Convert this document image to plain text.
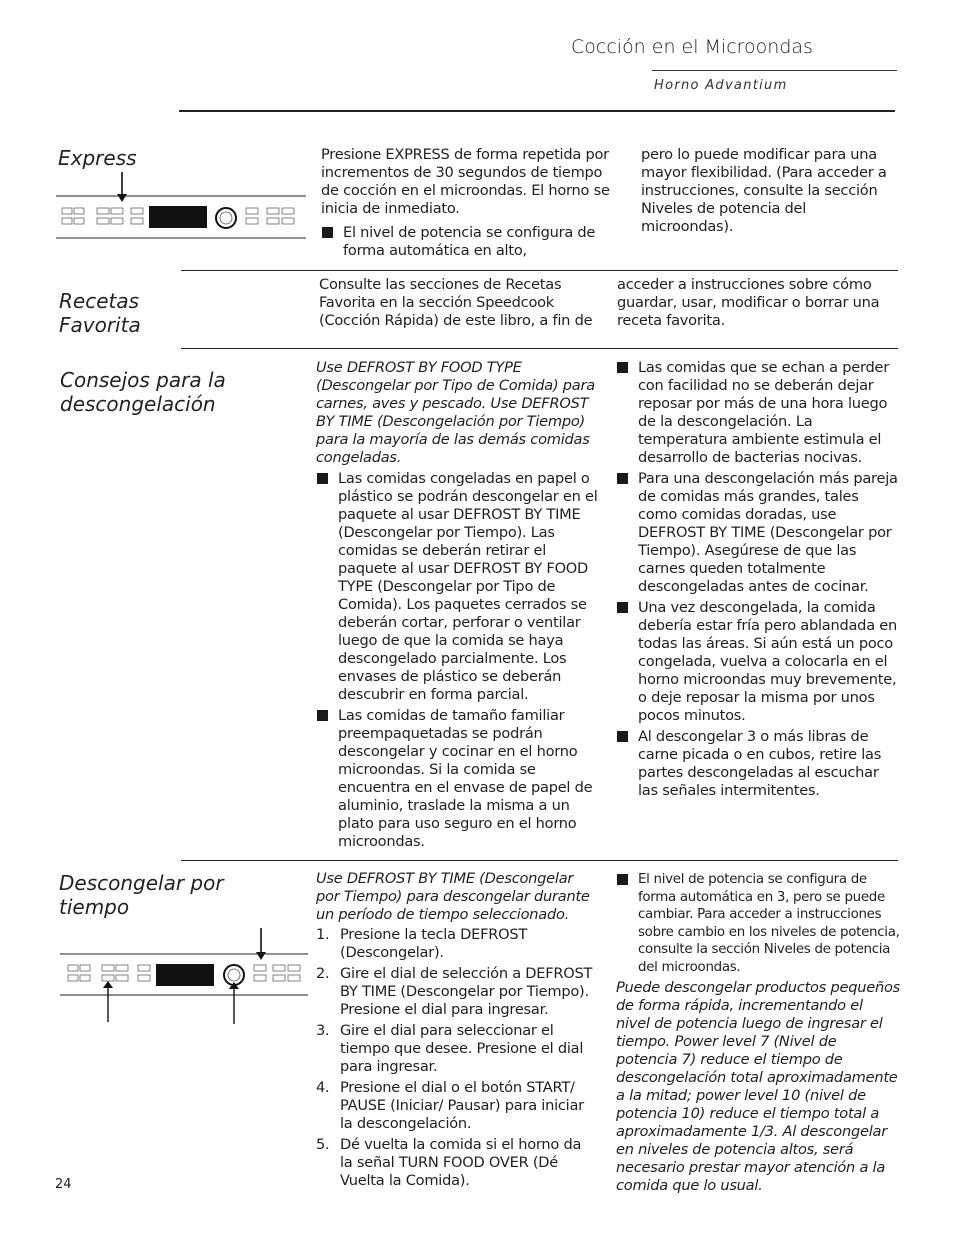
Cocción en el Microondas
Horno Advantium
Express	Presione EXPRESS de forma repetida por incrementos de 30 segundos de tiempo de cocción en el microondas. El horno se inicia de inmediato.

El nivel de potencia se configura de forma automática en alto,

pero lo puede modificar para una mayor flexibilidad. (Para acceder a instrucciones, consulte la sección Niveles de potencia del microondas).

Recetas
Favorita

Consulte las secciones de Recetas Favorita en la sección Speedcook (Cocción Rápida) de este libro, a fin de

acceder a instrucciones sobre cómo guardar, usar, modificar o borrar una receta favorita.

Consejos para la
descongelación

Use DEFROST BY FOOD TYPE (Descongelar por Tipo de Comida) para carnes, aves y pescado. Use DEFROST BY TIME (Descongelación por Tiempo) para la mayoría de las demás comidas congeladas.

Las comidas congeladas en papel o plástico se podrán descongelar en el paquete al usar DEFROST BY TIME (Descongelar por Tiempo). Las comidas se deberán retirar el paquete al usar DEFROST BY FOOD TYPE (Descongelar por Tipo de Comida). Los paquetes cerrados se deberán cortar, perforar o ventilar luego de que la comida se haya descongelado parcialmente. Los envases de plástico se deberán descubrir en forma parcial.

Las comidas de tamaño familiar preempaquetadas se podrán descongelar y cocinar en el horno microondas. Si la comida se encuentra en el envase de papel de aluminio, traslade la misma a un plato para uso seguro en el horno microondas.

Las comidas que se echan a perder con facilidad no se deberán dejar reposar por más de una hora luego de la descongelación. La temperatura ambiente estimula el desarrollo de bacterias nocivas.

Para una descongelación más pareja de comidas más grandes, tales como comidas doradas, use DEFROST BY TIME (Descongelar por Tiempo). Asegúrese de que las carnes queden totalmente descongeladas antes de cocinar.

Una vez descongelada, la comida debería estar fría pero ablandada en todas las áreas. Si aún está un poco congelada, vuelva a colocarla en el horno microondas muy brevemente, o deje reposar la misma por unos pocos minutos.

Al descongelar 3 o más libras de carne picada o en cubos, retire las partes descongeladas al escuchar las señales intermitentes.

Descongelar por
tiempo

Use DEFROST BY TIME (Descongelar por Tiempo) para descongelar durante un período de tiempo seleccionado.

1. Presione la tecla DEFROST (Descongelar).

2. Gire el dial de selección a DEFROST BY TIME (Descongelar por Tiempo). Presione el dial para ingresar.

3. Gire el dial para seleccionar el tiempo que desee. Presione el dial para ingresar.

4. Presione el dial o el botón START/ PAUSE (Iniciar/ Pausar) para iniciar la descongelación.

5. Dé vuelta la comida si el horno da la señal TURN FOOD OVER (Dé Vuelta la Comida).

El nivel de potencia se configura de forma automática en 3, pero se puede cambiar. Para acceder a instrucciones sobre cambio en los niveles de potencia, consulte la sección Niveles de potencia del microondas.

Puede descongelar productos pequeños de forma rápida, incrementando el nivel de potencia luego de ingresar el tiempo. Power level 7 (Nivel de potencia 7) reduce el tiempo de descongelación total aproximadamente a la mitad; power level 10 (nivel de potencia 10) reduce el tiempo total a aproximadamente 1/3. Al descongelar en niveles de potencia altos, será necesario prestar mayor atención a la comida que lo usual.

24
